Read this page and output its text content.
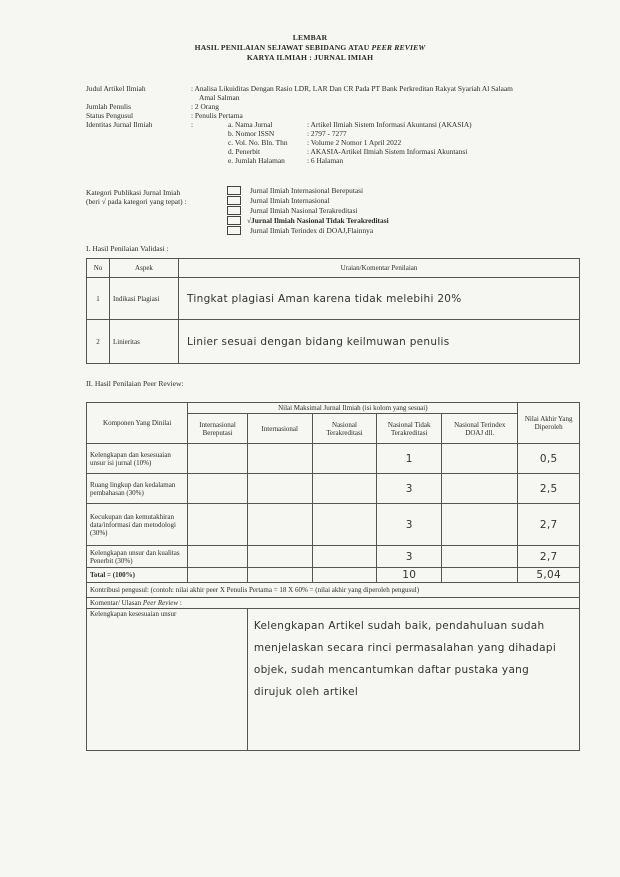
LEMBAR
HASIL PENILAIAN SEJAWAT SEBIDANG ATAU PEER REVIEW
KARYA ILMIAH : JURNAL IMIAH
Judul Artikel Ilmiah	: Analisa Likuiditas Dengan Rasio LDR, LAR Dan CR Pada PT Bank Perkreditan Rakyat Syariah Al Salaam
Amal Salman
Jumlah Penulis	: 2 Orang
Status Pengusul	: Penulis Pertama
Identitas Jurnal Ilmiah	:	a. Nama Jurnal	: Artikel Ilmiah Sistem Informasi Akuntansi (AKASIA)
b. Nomor ISSN	: 2797 - 7277
c. Vol. No. Bln. Thn	: Volume 2 Nomor 1 April 2022
d. Penerbit	: AKASIA-Artikel Ilmiah Sistem Informasi Akuntansi
e. Jumlah Halaman	: 6 Halaman
Kategori Publikasi Jurnal Imiah
(beri √ pada kategori yang tepat) :
Jurnal Ilmiah Internasional Bereputasi
Jurnal Ilmiah Internasional
Jurnal Ilmiah Nasional Terakreditasi
√Jurnal Ilmiah Nasional Tidak Terakreditasi
Jurnal Ilmiah Terindex di DOAJ,Flainnya
I. Hasil Penilaian Validasi :
No	Aspek	Uraian/Komentar Penilaian
1	Indikasi Plagiasi	Tingkat plagiasi Aman karena tidak melebihi 20%
2	Linieritas	Linier sesuai dengan bidang keilmuwan penulis
II. Hasil Penilaian Peer Review:
Komponen Yang Dinilai	Nilai Maksimal Jurnal Ilmiah (isi kolom yang sesuai)					Nilai Akhir Yang Diperoleh
	Internasional Bereputasi	Internasional	Nasional Terakreditasi	Nasional Tidak Terakreditasi	Nasional Terindex DOAJ dll.	
Kelengkapan dan kesesuaian unsur isi jurnal (10%)				1		0,5
Ruang lingkup dan kedalaman pembahasan (30%)				3		2,5
Kecukupan dan kemutakhiran data/informasi dan metodologi (30%)				3		2,7
Kelengkapan unsur dan kualitas Penerbit (30%)				3		2,7
Total = (100%)				10		5,04
Kontribusi pengusul: (contoh: nilai akhir peer X Penulis Pertama = 18 X 60% = (nilai akhir yang diperoleh pengusul)						
Komentar/ Ulasan Peer Review :						
Kelengkapan kesesuaian unsur		Kelengkapan Artikel sudah baik, pendahuluan sudah
menjelaskan secara rinci permasalahan yang dihadapi
objek, sudah mencantumkan daftar pustaka yang
dirujuk oleh artikel				
